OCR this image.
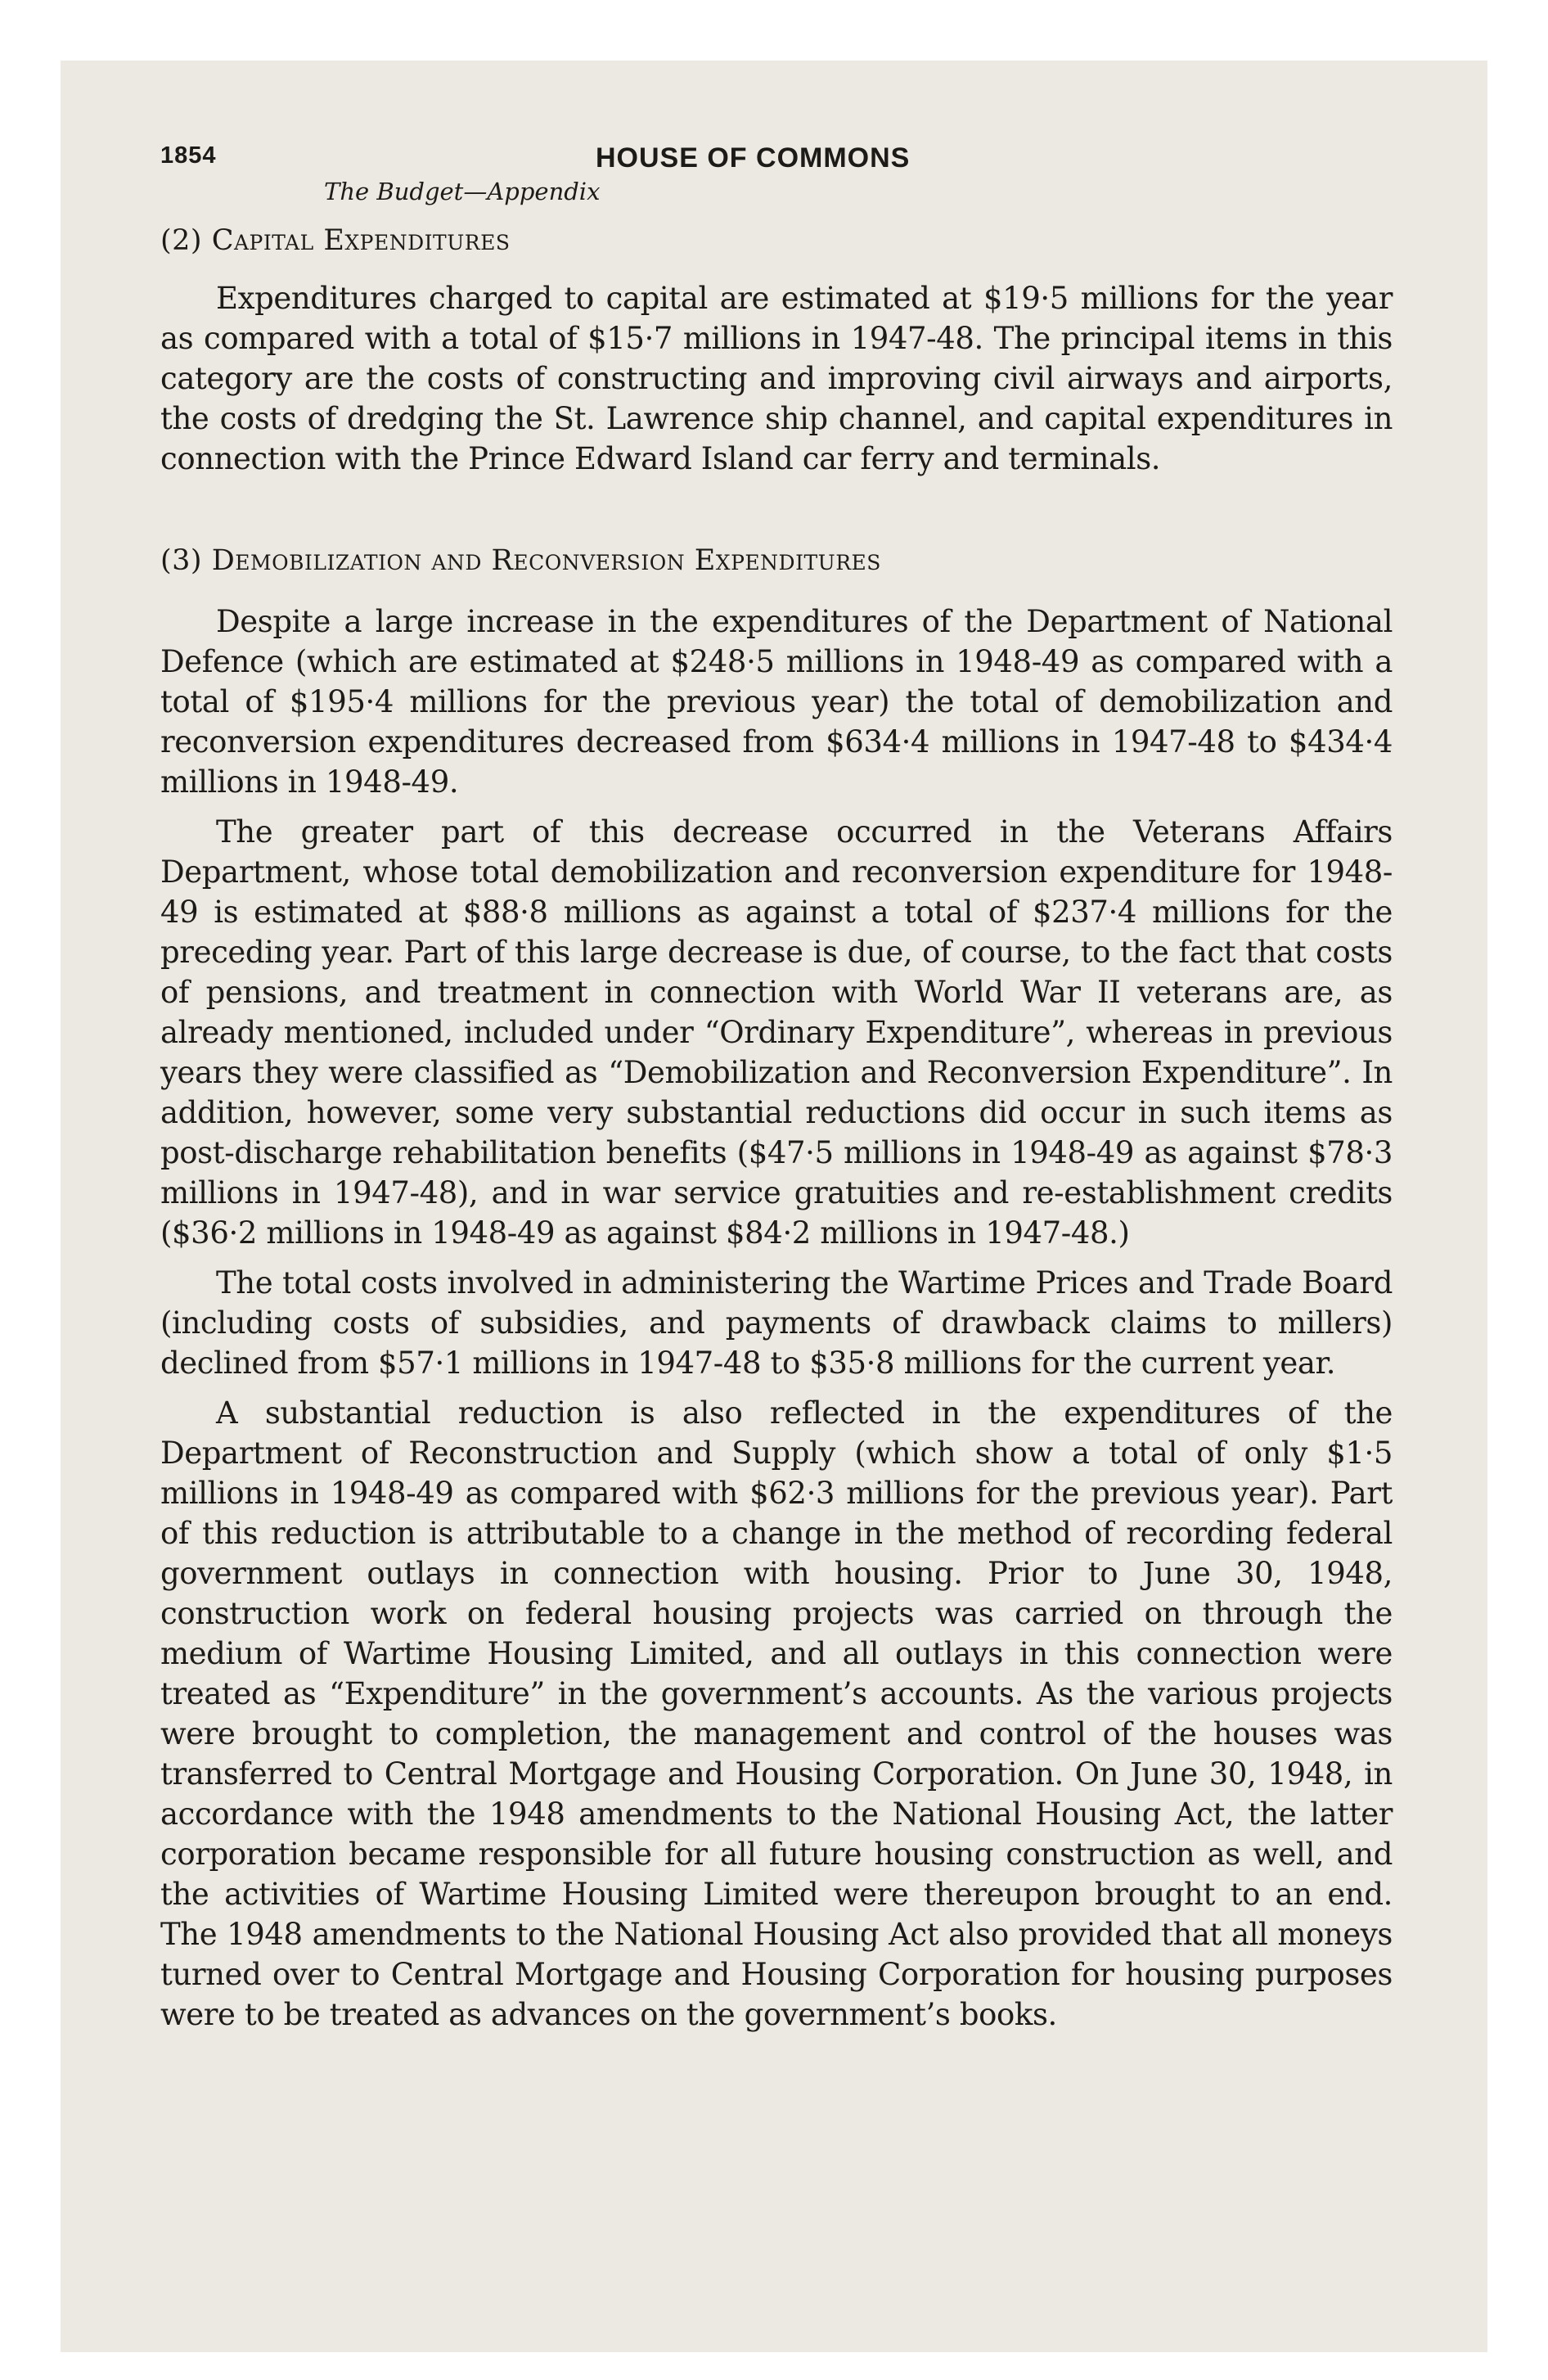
1854	HOUSE OF COMMONS
The Budget—Appendix
(2) Capital Expenditures

Expenditures charged to capital are estimated at $19·5 millions for the year as compared with a total of $15·7 millions in 1947-48. The principal items in this category are the costs of constructing and improving civil airways and airports, the costs of dredging the St. Lawrence ship channel, and capital expenditures in connection with the Prince Edward Island car ferry and terminals.

(3) Demobilization and Reconversion Expenditures

Despite a large increase in the expenditures of the Department of National Defence (which are estimated at $248·5 millions in 1948-49 as compared with a total of $195·4 millions for the previous year) the total of demobilization and reconversion expenditures decreased from $634·4 millions in 1947-48 to $434·4 millions in 1948-49.

The greater part of this decrease occurred in the Veterans Affairs Department, whose total demobilization and reconversion expenditure for 1948-49 is estimated at $88·8 millions as against a total of $237·4 millions for the preceding year. Part of this large decrease is due, of course, to the fact that costs of pensions, and treatment in connection with World War II veterans are, as already mentioned, included under “Ordinary Expenditure”, whereas in previous years they were classified as “Demobilization and Reconversion Expenditure”. In addition, however, some very substantial reductions did occur in such items as post-discharge rehabilitation benefits ($47·5 millions in 1948-49 as against $78·3 millions in 1947-48), and in war service gratuities and re-establishment credits ($36·2 millions in 1948-49 as against $84·2 millions in 1947-48.)

The total costs involved in administering the Wartime Prices and Trade Board (including costs of subsidies, and payments of drawback claims to millers) declined from $57·1 millions in 1947-48 to $35·8 millions for the current year.

A substantial reduction is also reflected in the expenditures of the Department of Reconstruction and Supply (which show a total of only $1·5 millions in 1948-49 as compared with $62·3 millions for the previous year). Part of this reduction is attributable to a change in the method of recording federal government outlays in connection with housing. Prior to June 30, 1948, construction work on federal housing projects was carried on through the medium of Wartime Housing Limited, and all outlays in this connection were treated as “Expenditure” in the government’s accounts. As the various projects were brought to completion, the management and control of the houses was transferred to Central Mortgage and Housing Corporation. On June 30, 1948, in accordance with the 1948 amendments to the National Housing Act, the latter corporation became responsible for all future housing construction as well, and the activities of Wartime Housing Limited were thereupon brought to an end. The 1948 amendments to the National Housing Act also provided that all moneys turned over to Central Mortgage and Housing Corporation for housing purposes were to be treated as advances on the government’s books.
